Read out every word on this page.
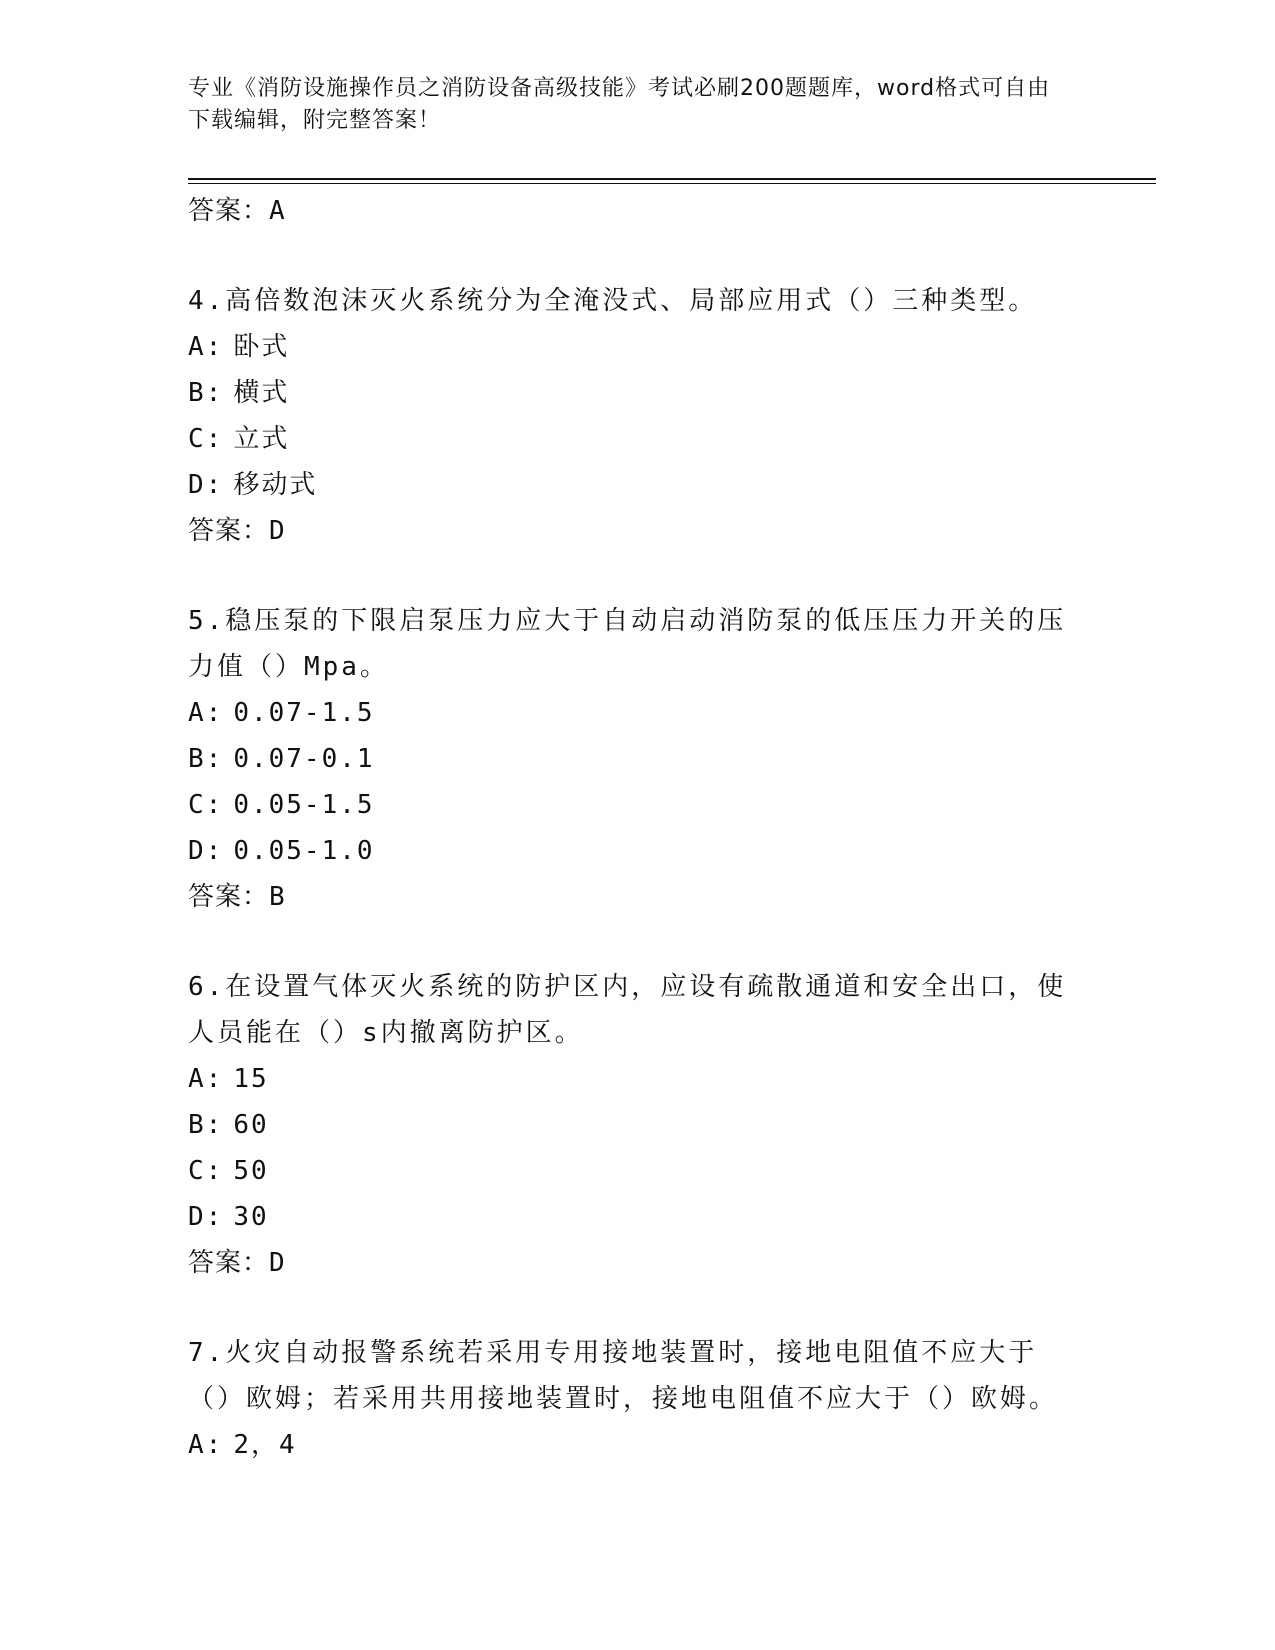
专业《消防设施操作员之消防设备高级技能》考试必刷200题题库，word格式可自由下载编辑，附完整答案！

答案：A

4.高倍数泡沫灭火系统分为全淹没式、局部应用式（）三种类型。

A: 卧式

B: 横式

C: 立式

D: 移动式

答案：D

5.稳压泵的下限启泵压力应大于自动启动消防泵的低压压力开关的压力值（）Mpa。

A: 0.07-1.5

B: 0.07-0.1

C: 0.05-1.5

D: 0.05-1.0

答案：B

6.在设置气体灭火系统的防护区内，应设有疏散通道和安全出口，使人员能在（）s内撤离防护区。

A: 15

B: 60

C: 50

D: 30

答案：D

7.火灾自动报警系统若采用专用接地装置时，接地电阻值不应大于（）欧姆；若采用共用接地装置时，接地电阻值不应大于（）欧姆。

A: 2，4
